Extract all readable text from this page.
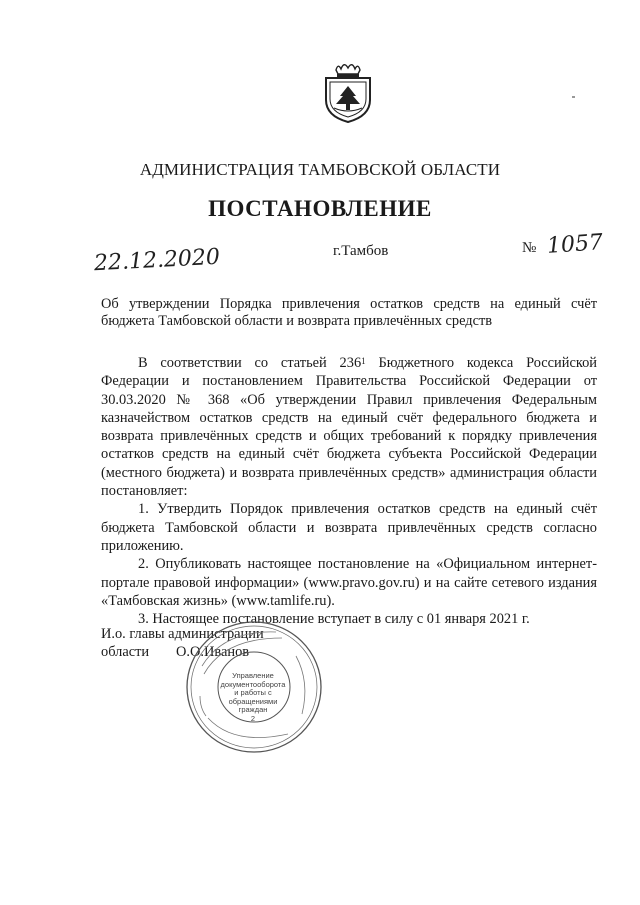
АДМИНИСТРАЦИЯ ТАМБОВСКОЙ ОБЛАСТИ
ПОСТАНОВЛЕНИЕ
22.12.2020	г.Тамбов	№ 1057
Об утверждении Порядка привлечения остатков средств на единый счёт бюджета Тамбовской области и возврата привлечённых средств

В соответствии со статьей $236^1$ Бюджетного кодекса Российской Федерации и постановлением Правительства Российской Федерации от 30.03.2020 № 368 «Об утверждении Правил привлечения Федеральным казначейством остатков средств на единый счёт федерального бюджета и возврата привлечённых средств и общих требований к порядку привлечения остатков средств на единый счёт бюджета субъекта Российской Федерации (местного бюджета) и возврата привлечённых средств» администрация области постановляет:

1. Утвердить Порядок привлечения остатков средств на единый счёт бюджета Тамбовской области и возврата привлечённых средств согласно приложению.

2. Опубликовать настоящее постановление на «Официальном интернет-портале правовой информации» (www.pravo.gov.ru) и на сайте сетевого издания «Тамбовская жизнь» (www.tamlife.ru).

3. Настоящее постановление вступает в силу с 01 января 2021 г.

И.о. главы администрации
области О.О.Иванов
Управление документооборота и работы с обращениями граждан
2
